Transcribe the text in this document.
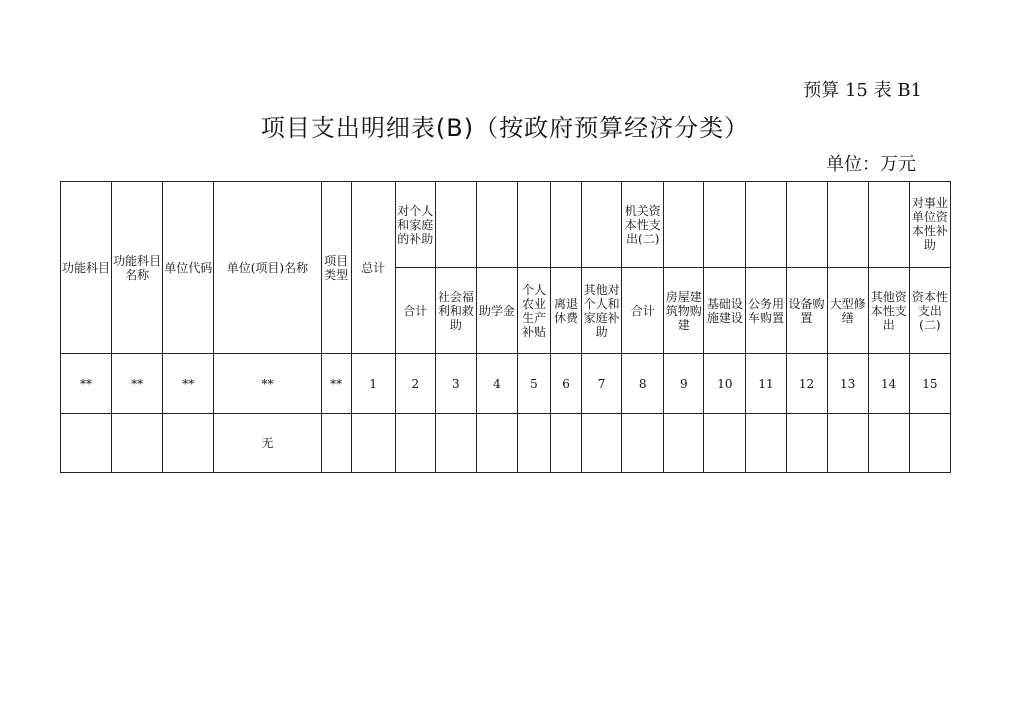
预算 15 表 B1
项目支出明细表(B)（按政府预算经济分类）
单位：万元
功能科目	功能科目名称	单位代码	单位(项目)名称	项目类型	总计	对个人和家庭的补助						机关资本性支出(二)							对事业单位资本性补助
						合计	社会福利和救助	助学金	个人农业生产补贴	离退休费	其他对个人和家庭补助	合计	房屋建筑物购建	基础设施建设	公务用车购置	设备购置	大型修缮	其他资本性支出	资本性支出(二)
**	**	**	**	**	1	2	3	4	5	6	7	8	9	10	11	12	13	14	15
			无																
